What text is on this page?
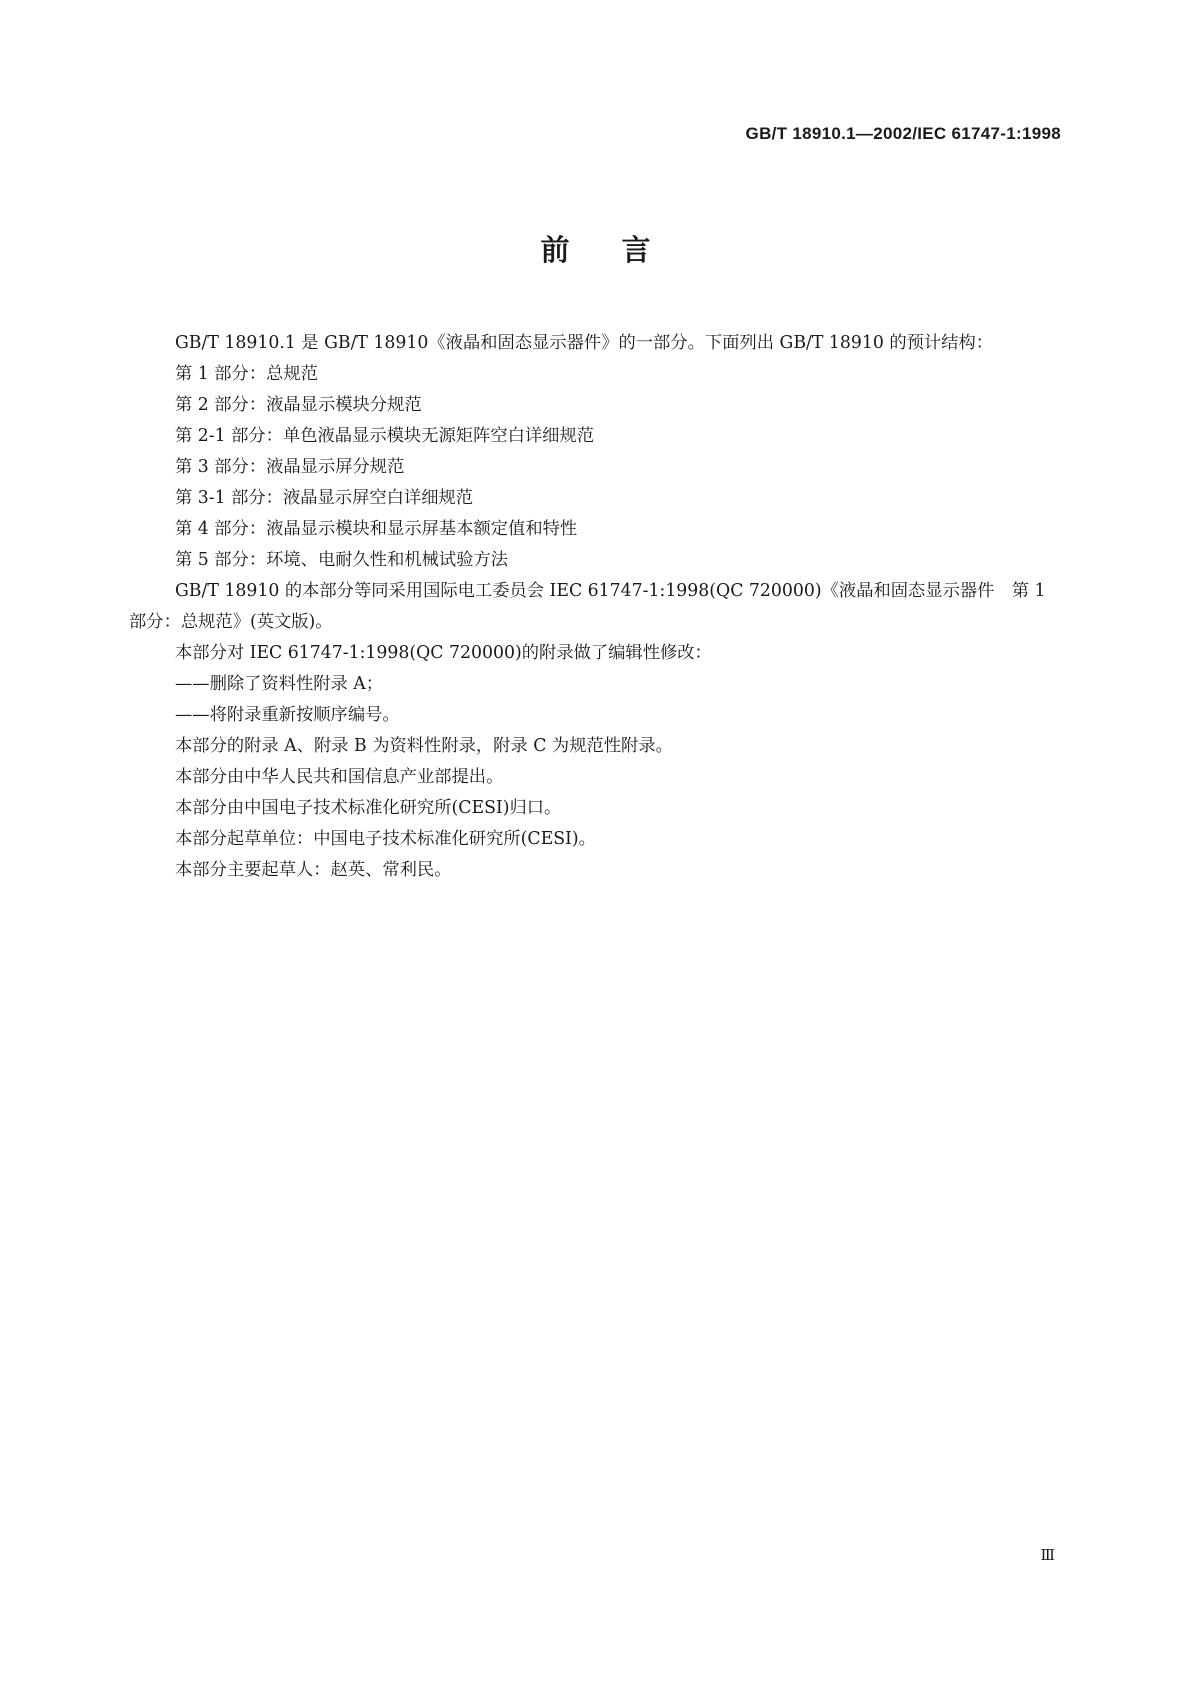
GB/T 18910.1—2002/IEC 61747-1:1998
前言

GB/T 18910.1 是 GB/T 18910《液晶和固态显示器件》的一部分。下面列出 GB/T 18910 的预计结构：

第 1 部分：总规范

第 2 部分：液晶显示模块分规范

第 2-1 部分：单色液晶显示模块无源矩阵空白详细规范

第 3 部分：液晶显示屏分规范

第 3-1 部分：液晶显示屏空白详细规范

第 4 部分：液晶显示模块和显示屏基本额定值和特性

第 5 部分：环境、电耐久性和机械试验方法

GB/T 18910 的本部分等同采用国际电工委员会 IEC 61747-1:1998(QC 720000)《液晶和固态显示器件　第 1 部分：总规范》(英文版)。

本部分对 IEC 61747-1:1998(QC 720000)的附录做了编辑性修改：

——删除了资料性附录 A；

——将附录重新按顺序编号。

本部分的附录 A、附录 B 为资料性附录，附录 C 为规范性附录。

本部分由中华人民共和国信息产业部提出。

本部分由中国电子技术标准化研究所(CESI)归口。

本部分起草单位：中国电子技术标准化研究所(CESI)。

本部分主要起草人：赵英、常利民。

Ⅲ
